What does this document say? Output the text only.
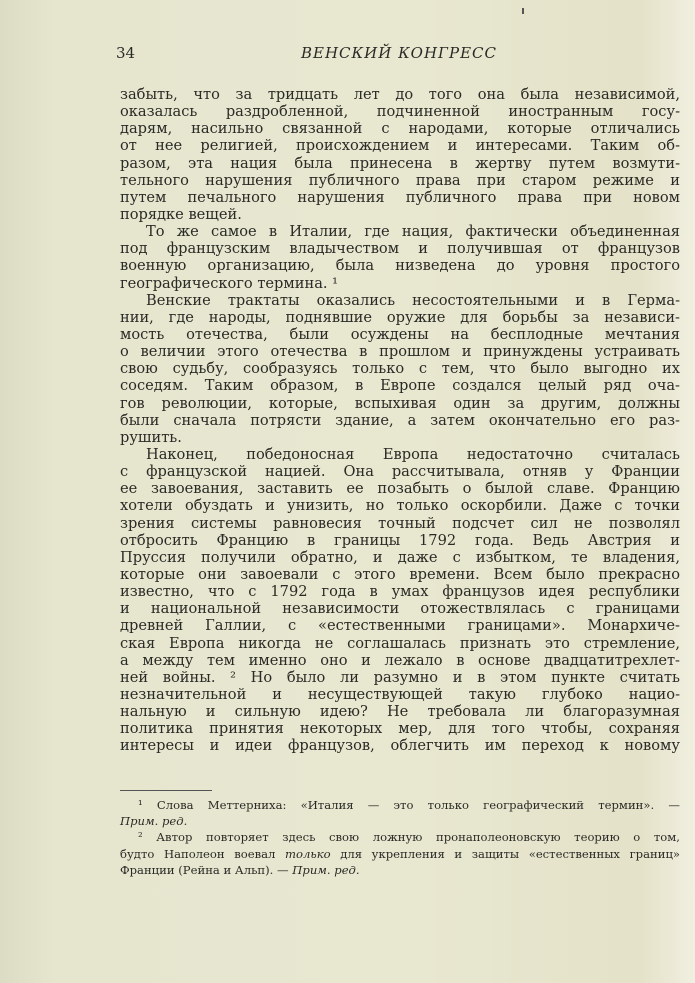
34	ВЕНСКИЙ КОНГРЕСС
забыть, что за тридцать лет до того она была независимой,
оказалась раздробленной, подчиненной иностранным госу-
дарям, насильно связанной с народами, которые отличались
от нее религией, происхождением и интересами. Таким об-
разом, эта нация была принесена в жертву путем возмути-
тельного нарушения публичного права при старом режиме и
путем печального нарушения публичного права при новом
порядке вещей.
То же самое в Италии, где нация, фактически объединенная
под французским владычеством и получившая от французов
военную организацию, была низведена до уровня простого
географического термина. ¹
Венские трактаты оказались несостоятельными и в Герма-
нии, где народы, поднявшие оружие для борьбы за независи-
мость отечества, были осуждены на бесплодные мечтания
о величии этого отечества в прошлом и принуждены устраивать
свою судьбу, сообразуясь только с тем, что было выгодно их
соседям. Таким образом, в Европе создался целый ряд оча-
гов революции, которые, вспыхивая один за другим, должны
были сначала потрясти здание, а затем окончательно его раз-
рушить.
Наконец, победоносная Европа недостаточно считалась
с французской нацией. Она рассчитывала, отняв у Франции
ее завоевания, заставить ее позабыть о былой славе. Францию
хотели обуздать и унизить, но только оскорбили. Даже с точки
зрения системы равновесия точный подсчет сил не позволял
отбросить Францию в границы 1792 года. Ведь Австрия и
Пруссия получили обратно, и даже с избытком, те владения,
которые они завоевали с этого времени. Всем было прекрасно
известно, что с 1792 года в умах французов идея республики
и национальной независимости отожествлялась с границами
древней Галлии, с «естественными границами». Монархиче-
ская Европа никогда не соглашалась признать это стремление,
а между тем именно оно и лежало в основе двадцатитрехлет-
ней войны. ² Но было ли разумно и в этом пункте считать
незначительной и несуществующей такую глубоко нацио-
нальную и сильную идею? Не требовала ли благоразумная
политика принятия некоторых мер, для того чтобы, сохраняя
интересы и идеи французов, облегчить им переход к новому
¹ Слова Меттерниха: «Италия — это только географический термин». —
Прим. ред.
² Автор повторяет здесь свою ложную пронаполеоновскую теорию о том,
будто Наполеон воевал только для укрепления и защиты «естественных границ»
Франции (Рейна и Альп). — Прим. ред.
